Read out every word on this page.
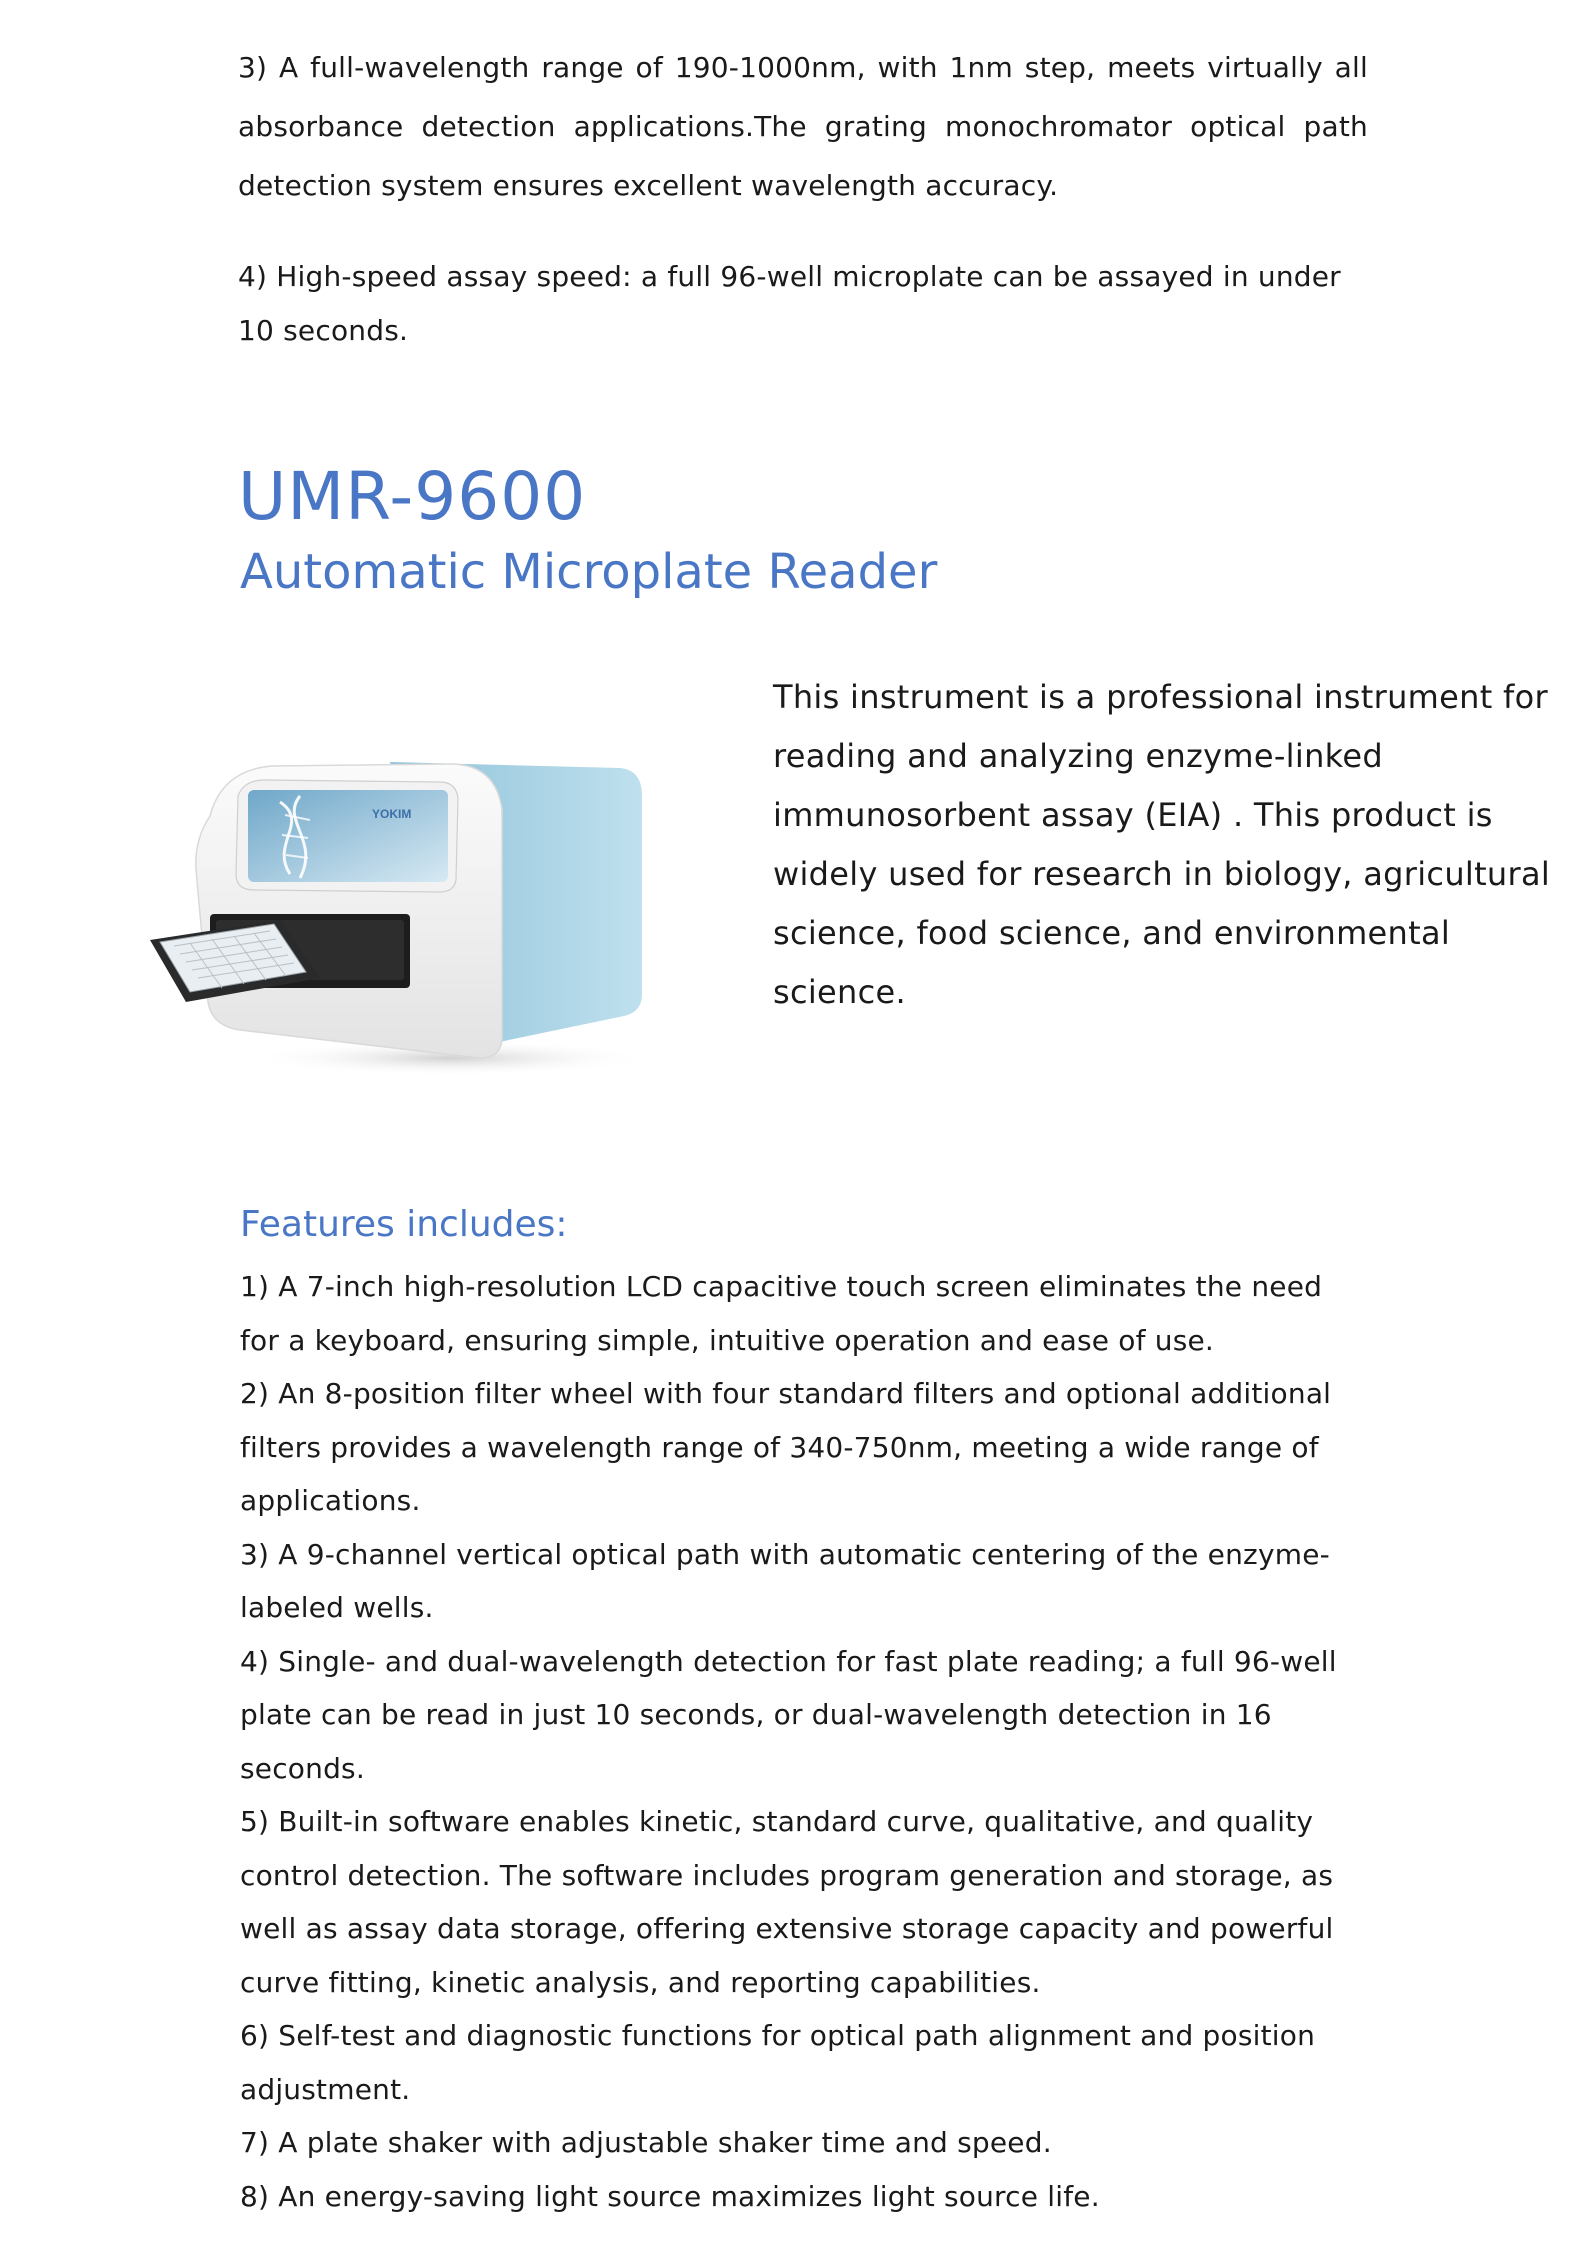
3) A full-wavelength range of 190-1000nm, with 1nm step, meets virtually all absorbance detection applications.The grating monochromator optical path detection system ensures excellent wavelength accuracy.

4) High-speed assay speed: a full 96-well microplate can be assayed in under 10 seconds.

UMR-9600
Automatic Microplate Reader
YOKIM

This instrument is a professional instrument for reading and analyzing enzyme-linked immunosorbent assay (EIA) . This product is widely used for research in biology, agricultural science, food science, and environmental science.

Features includes:
1) A 7-inch high-resolution LCD capacitive touch screen eliminates the need for a keyboard, ensuring simple, intuitive operation and ease of use.
2) An 8-position filter wheel with four standard filters and optional additional filters provides a wavelength range of 340-750nm, meeting a wide range of applications.
3) A 9-channel vertical optical path with automatic centering of the enzyme-labeled wells.
4) Single- and dual-wavelength detection for fast plate reading; a full 96-well plate can be read in just 10 seconds, or dual-wavelength detection in 16 seconds.
5) Built-in software enables kinetic, standard curve, qualitative, and quality control detection. The software includes program generation and storage, as well as assay data storage, offering extensive storage capacity and powerful curve fitting, kinetic analysis, and reporting capabilities.
6) Self-test and diagnostic functions for optical path alignment and position adjustment.
7) A plate shaker with adjustable shaker time and speed.
8) An energy-saving light source maximizes light source life.
